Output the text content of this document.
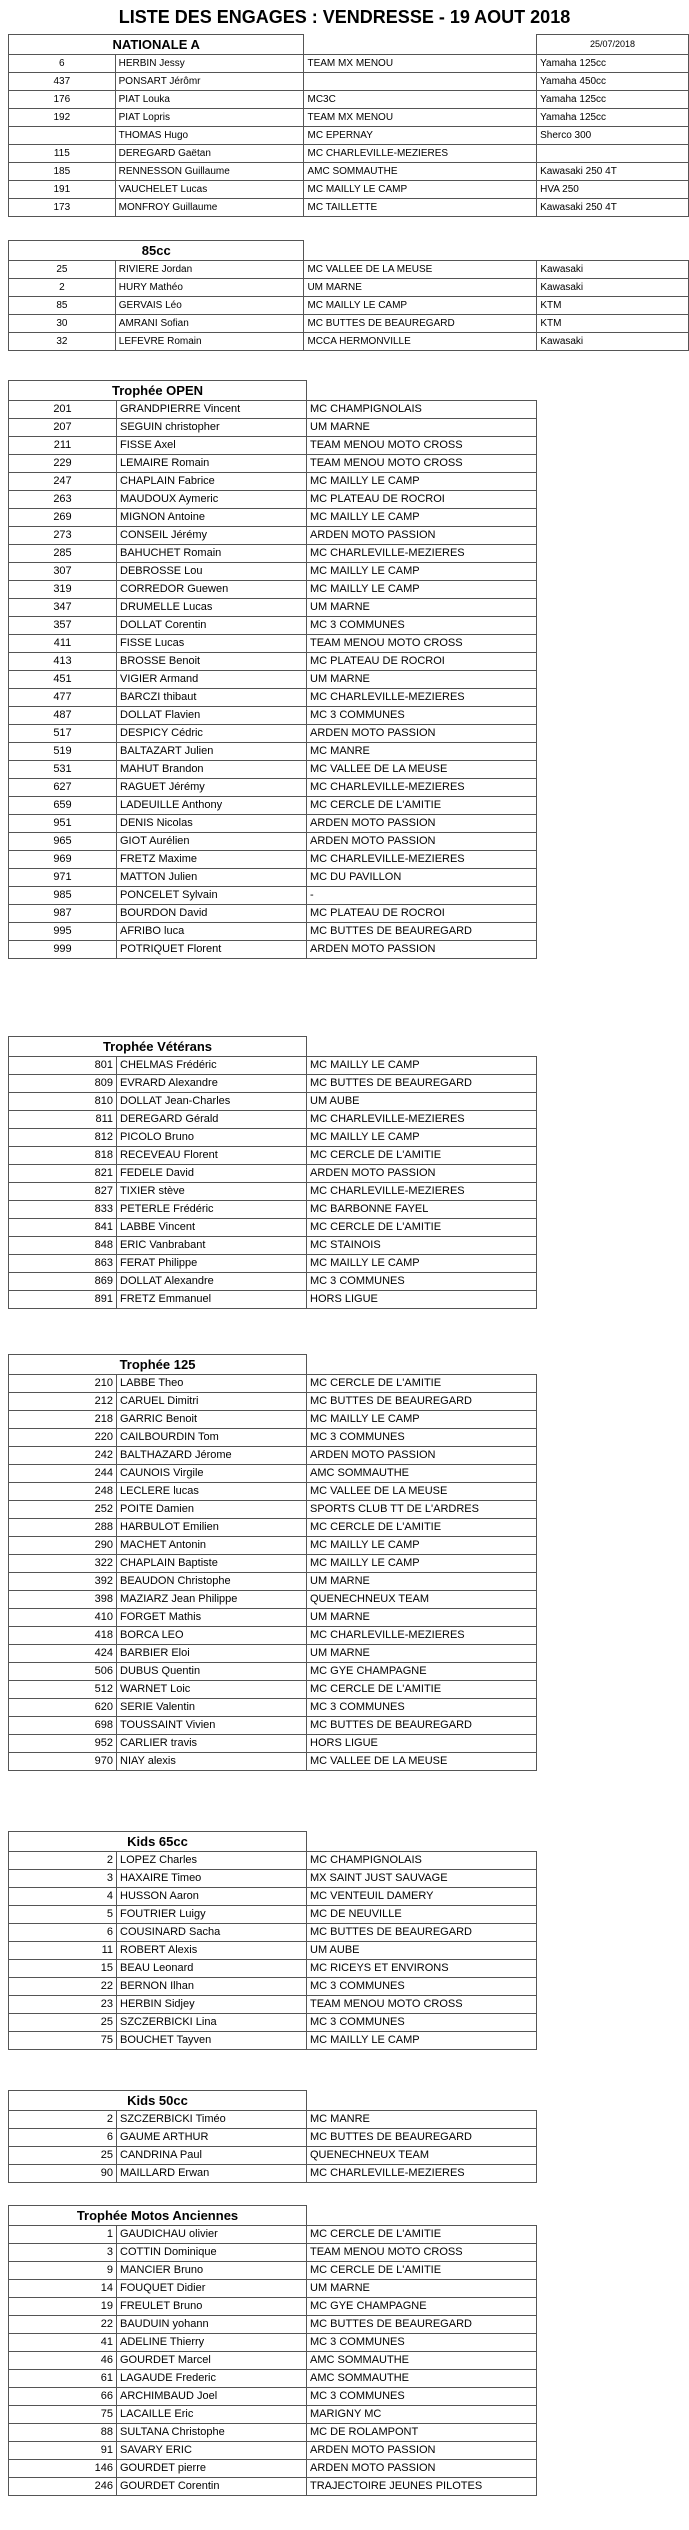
LISTE DES ENGAGES : VENDRESSE - 19 AOUT 2018
NATIONALE A			25/07/2018
6	HERBIN Jessy	TEAM MX MENOU	Yamaha 125cc
437	PONSART Jérômr		Yamaha 450cc
176	PIAT Louka	MC3C	Yamaha 125cc
192	PIAT Lopris	TEAM MX MENOU	Yamaha 125cc
	THOMAS Hugo	MC EPERNAY	Sherco 300
115	DEREGARD Gaëtan	MC CHARLEVILLE-MEZIERES	
185	RENNESSON Guillaume	AMC SOMMAUTHE	Kawasaki 250 4T
191	VAUCHELET Lucas	MC MAILLY LE CAMP	HVA 250
173	MONFROY Guillaume	MC TAILLETTE	Kawasaki 250 4T
85cc			
25	RIVIERE Jordan	MC VALLEE DE LA MEUSE	Kawasaki
2	HURY Mathéo	UM MARNE	Kawasaki
85	GERVAIS Léo	MC MAILLY LE CAMP	KTM
30	AMRANI Sofian	MC BUTTES DE BEAUREGARD	KTM
32	LEFEVRE Romain	MCCA HERMONVILLE	Kawasaki
Trophée OPEN		
201	GRANDPIERRE Vincent	MC CHAMPIGNOLAIS
207	SEGUIN christopher	UM MARNE
211	FISSE Axel	TEAM MENOU MOTO CROSS
229	LEMAIRE Romain	TEAM MENOU MOTO CROSS
247	CHAPLAIN Fabrice	MC MAILLY LE CAMP
263	MAUDOUX Aymeric	MC PLATEAU DE ROCROI
269	MIGNON Antoine	MC MAILLY LE CAMP
273	CONSEIL Jérémy	ARDEN MOTO PASSION
285	BAHUCHET Romain	MC CHARLEVILLE-MEZIERES
307	DEBROSSE Lou	MC MAILLY LE CAMP
319	CORREDOR Guewen	MC MAILLY LE CAMP
347	DRUMELLE Lucas	UM MARNE
357	DOLLAT Corentin	MC 3 COMMUNES
411	FISSE Lucas	TEAM MENOU MOTO CROSS
413	BROSSE Benoit	MC PLATEAU DE ROCROI
451	VIGIER Armand	UM MARNE
477	BARCZI thibaut	MC CHARLEVILLE-MEZIERES
487	DOLLAT Flavien	MC 3 COMMUNES
517	DESPICY Cédric	ARDEN MOTO PASSION
519	BALTAZART Julien	MC MANRE
531	MAHUT Brandon	MC VALLEE DE LA MEUSE
627	RAGUET Jérémy	MC CHARLEVILLE-MEZIERES
659	LADEUILLE Anthony	MC CERCLE DE L'AMITIE
951	DENIS Nicolas	ARDEN MOTO PASSION
965	GIOT Aurélien	ARDEN MOTO PASSION
969	FRETZ Maxime	MC CHARLEVILLE-MEZIERES
971	MATTON Julien	MC DU PAVILLON
985	PONCELET Sylvain	-
987	BOURDON David	MC PLATEAU DE ROCROI
995	AFRIBO luca	MC BUTTES DE BEAUREGARD
999	POTRIQUET Florent	ARDEN MOTO PASSION
Trophée Vétérans		
801	CHELMAS Frédéric	MC MAILLY LE CAMP
809	EVRARD Alexandre	MC BUTTES DE BEAUREGARD
810	DOLLAT Jean-Charles	UM AUBE
811	DEREGARD Gérald	MC CHARLEVILLE-MEZIERES
812	PICOLO Bruno	MC MAILLY LE CAMP
818	RECEVEAU Florent	MC CERCLE DE L'AMITIE
821	FEDELE David	ARDEN MOTO PASSION
827	TIXIER stève	MC CHARLEVILLE-MEZIERES
833	PETERLE Frédéric	MC BARBONNE FAYEL
841	LABBE Vincent	MC CERCLE DE L'AMITIE
848	ERIC Vanbrabant	MC STAINOIS
863	FERAT Philippe	MC MAILLY LE CAMP
869	DOLLAT Alexandre	MC 3 COMMUNES
891	FRETZ Emmanuel	HORS LIGUE
Trophée 125		
210	LABBE Theo	MC CERCLE DE L'AMITIE
212	CARUEL Dimitri	MC BUTTES DE BEAUREGARD
218	GARRIC Benoit	MC MAILLY LE CAMP
220	CAILBOURDIN Tom	MC 3 COMMUNES
242	BALTHAZARD Jérome	ARDEN MOTO PASSION
244	CAUNOIS Virgile	AMC SOMMAUTHE
248	LECLERE lucas	MC VALLEE DE LA MEUSE
252	POITE Damien	SPORTS CLUB TT DE L'ARDRES
288	HARBULOT Emilien	MC CERCLE DE L'AMITIE
290	MACHET Antonin	MC MAILLY LE CAMP
322	CHAPLAIN Baptiste	MC MAILLY LE CAMP
392	BEAUDON Christophe	UM MARNE
398	MAZIARZ Jean Philippe	QUENECHNEUX TEAM
410	FORGET Mathis	UM MARNE
418	BORCA LEO	MC CHARLEVILLE-MEZIERES
424	BARBIER Eloi	UM MARNE
506	DUBUS Quentin	MC GYE CHAMPAGNE
512	WARNET Loic	MC CERCLE DE L'AMITIE
620	SERIE Valentin	MC 3 COMMUNES
698	TOUSSAINT Vivien	MC BUTTES DE BEAUREGARD
952	CARLIER travis	HORS LIGUE
970	NIAY alexis	MC VALLEE DE LA MEUSE
Kids 65cc		
2	LOPEZ Charles	MC CHAMPIGNOLAIS
3	HAXAIRE Timeo	MX SAINT JUST SAUVAGE
4	HUSSON Aaron	MC VENTEUIL DAMERY
5	FOUTRIER Luigy	MC DE NEUVILLE
6	COUSINARD Sacha	MC BUTTES DE BEAUREGARD
11	ROBERT Alexis	UM AUBE
15	BEAU Leonard	MC RICEYS ET ENVIRONS
22	BERNON Ilhan	MC 3 COMMUNES
23	HERBIN Sidjey	TEAM MENOU MOTO CROSS
25	SZCZERBICKI Lina	MC 3 COMMUNES
75	BOUCHET Tayven	MC MAILLY LE CAMP
Kids 50cc		
2	SZCZERBICKI Timéo	MC MANRE
6	GAUME ARTHUR	MC BUTTES DE BEAUREGARD
25	CANDRINA Paul	QUENECHNEUX TEAM
90	MAILLARD Erwan	MC CHARLEVILLE-MEZIERES
Trophée Motos Anciennes		
1	GAUDICHAU olivier	MC CERCLE DE L'AMITIE
3	COTTIN Dominique	TEAM MENOU MOTO CROSS
9	MANCIER Bruno	MC CERCLE DE L'AMITIE
14	FOUQUET Didier	UM MARNE
19	FREULET Bruno	MC GYE CHAMPAGNE
22	BAUDUIN yohann	MC BUTTES DE BEAUREGARD
41	ADELINE Thierry	MC 3 COMMUNES
46	GOURDET Marcel	AMC SOMMAUTHE
61	LAGAUDE Frederic	AMC SOMMAUTHE
66	ARCHIMBAUD Joel	MC 3 COMMUNES
75	LACAILLE Eric	MARIGNY MC
88	SULTANA Christophe	MC DE ROLAMPONT
91	SAVARY ERIC	ARDEN MOTO PASSION
146	GOURDET pierre	ARDEN MOTO PASSION
246	GOURDET Corentin	TRAJECTOIRE JEUNES PILOTES
